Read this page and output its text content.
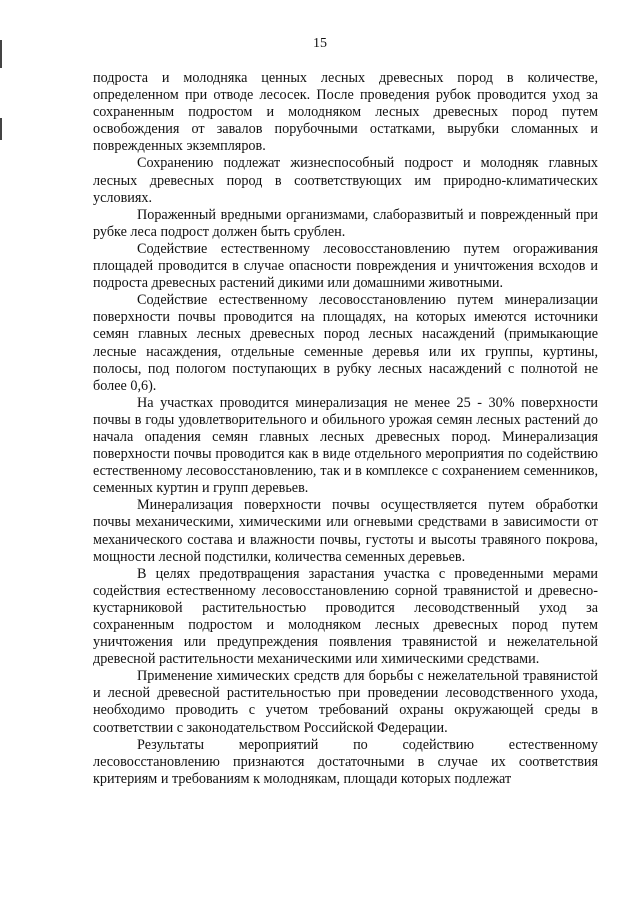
15

подроста и молодняка ценных лесных древесных пород в количестве, определенном при отводе лесосек. После проведения рубок проводится уход за сохраненным подростом и молодняком лесных древесных пород путем освобождения от завалов порубочными остатками, вырубки сломанных и поврежденных экземпляров.

Сохранению подлежат жизнеспособный подрост и молодняк главных лесных древесных пород в соответствующих им природно-климатических условиях.

Пораженный вредными организмами, слаборазвитый и поврежденный при рубке леса подрост должен быть срублен.

Содействие естественному лесовосстановлению путем огораживания площадей проводится в случае опасности повреждения и уничтожения всходов и подроста древесных растений дикими или домашними животными.

Содействие естественному лесовосстановлению путем минерализации поверхности почвы проводится на площадях, на которых имеются источники семян главных лесных древесных пород лесных насаждений (примыкающие лесные насаждения, отдельные семенные деревья или их группы, куртины, полосы, под пологом поступающих в рубку лесных насаждений с полнотой не более 0,6).

На участках проводится минерализация не менее 25 - 30% поверхности почвы в годы удовлетворительного и обильного урожая семян лесных растений до начала опадения семян главных лесных древесных пород. Минерализация поверхности почвы проводится как в виде отдельного мероприятия по содействию естественному лесовосстановлению, так и в комплексе с сохранением семенников, семенных куртин и групп деревьев.

Минерализация поверхности почвы осуществляется путем обработки почвы механическими, химическими или огневыми средствами в зависимости от механического состава и влажности почвы, густоты и высоты травяного покрова, мощности лесной подстилки, количества семенных деревьев.

В целях предотвращения зарастания участка с проведенными мерами содействия естественному лесовосстановлению сорной травянистой и древесно-кустарниковой растительностью проводится лесоводственный уход за сохраненным подростом и молодняком лесных древесных пород путем уничтожения или предупреждения появления травянистой и нежелательной древесной растительности механическими или химическими средствами.

Применение химических средств для борьбы с нежелательной травянистой и лесной древесной растительностью при проведении лесоводственного ухода, необходимо проводить с учетом требований охраны окружающей среды в соответствии с законодательством Российской Федерации.

Результаты мероприятий по содействию естественному лесовосстановлению признаются достаточными в случае их соответствия критериям и требованиям к молоднякам, площади которых подлежат
